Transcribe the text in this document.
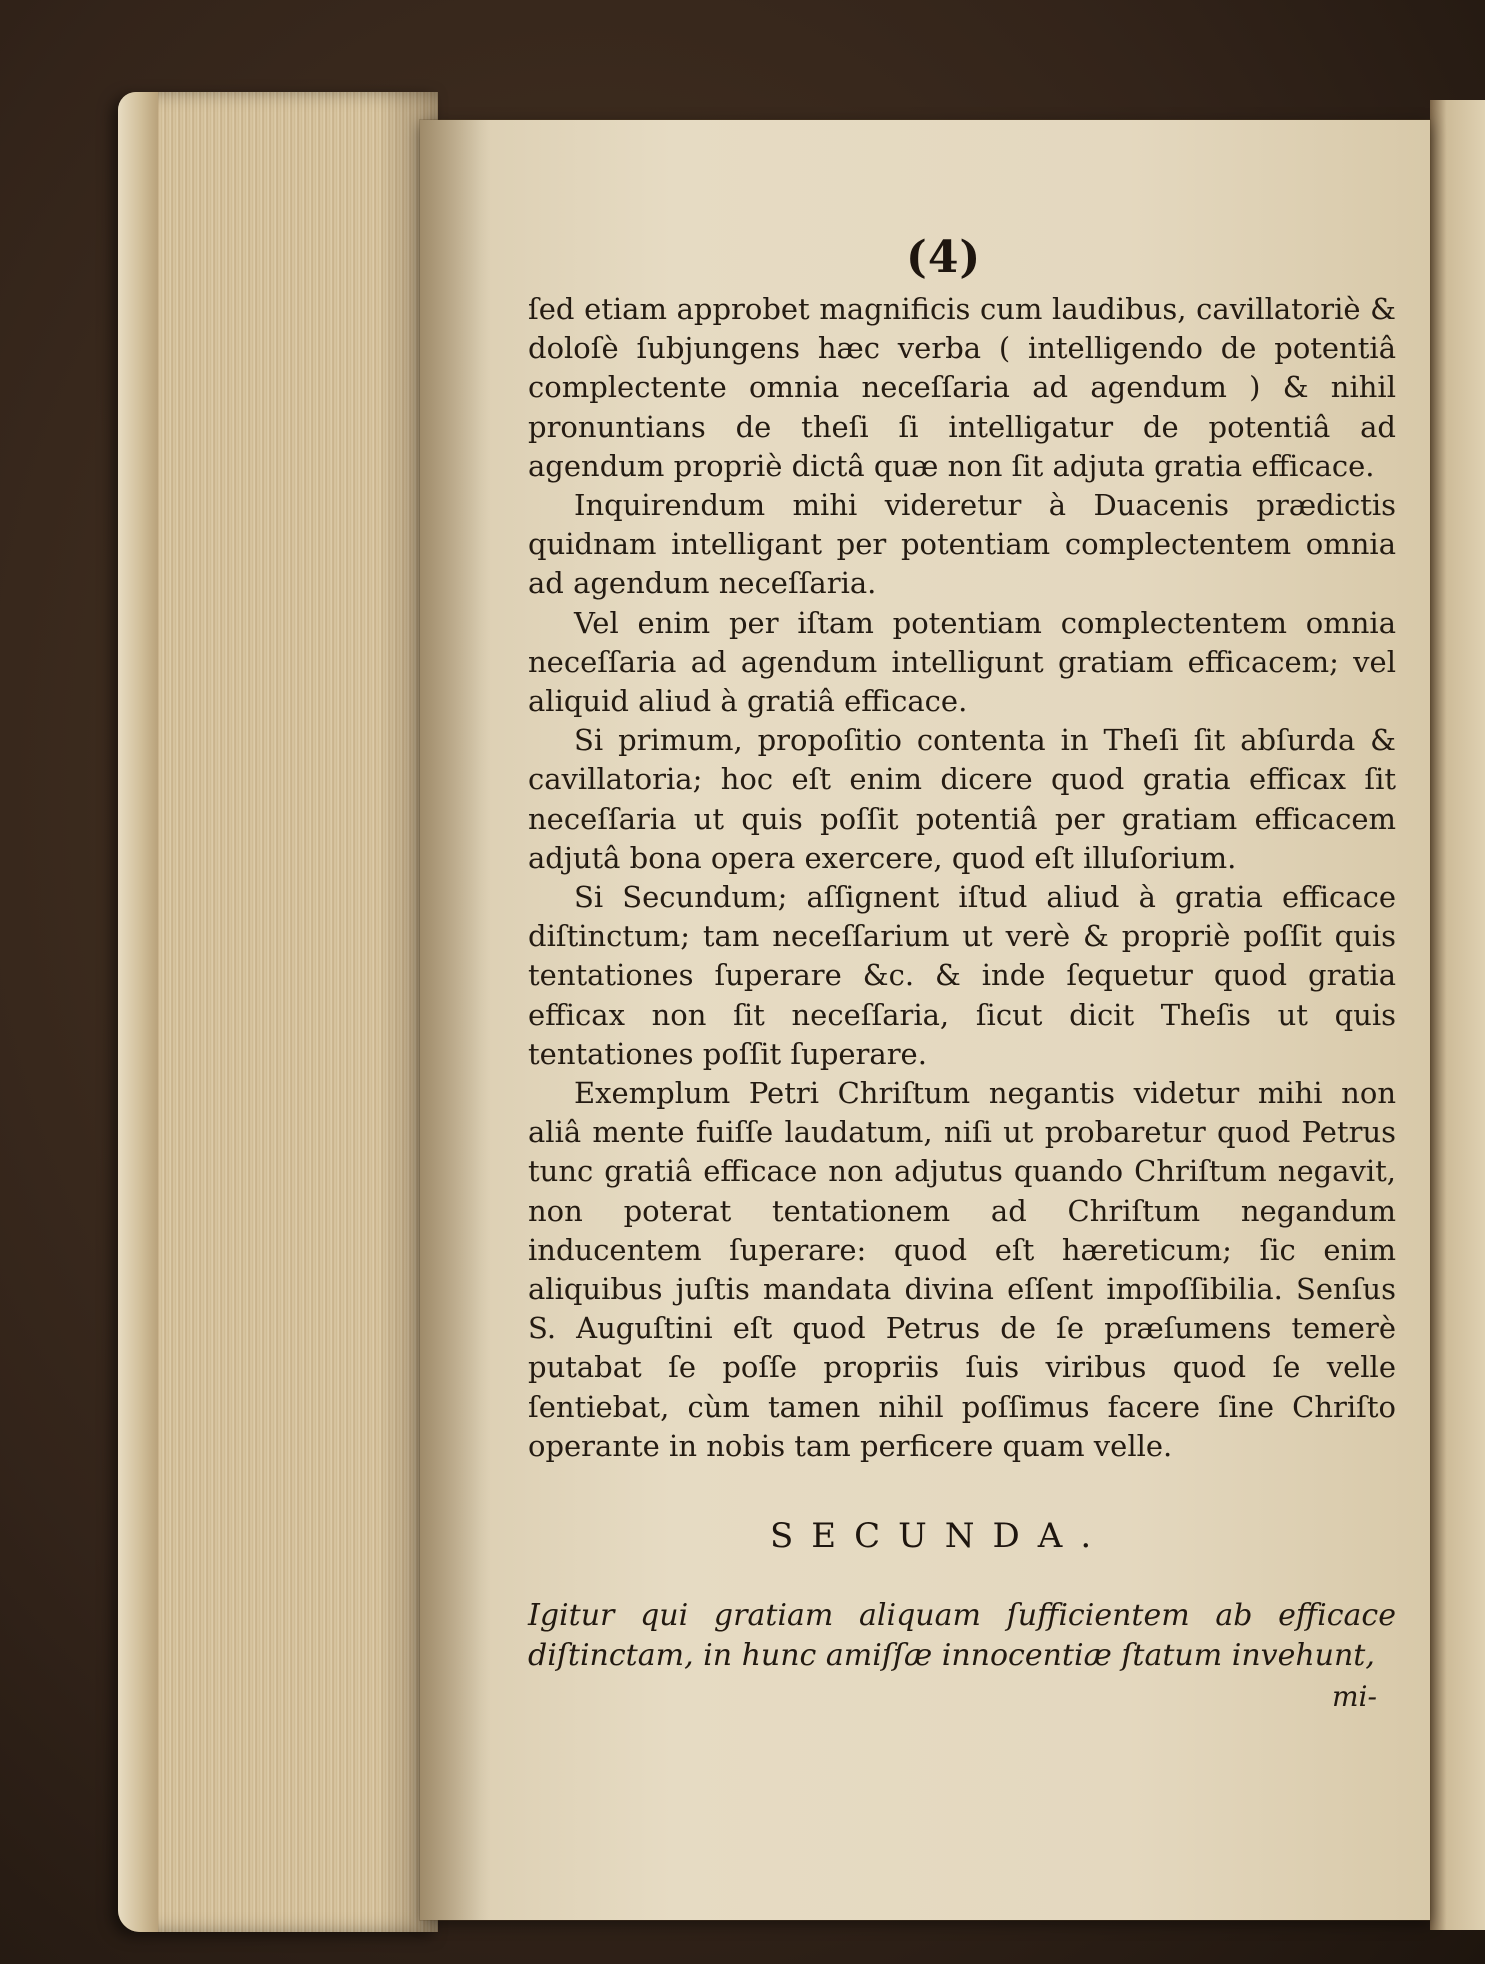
(4)

ſed etiam approbet magnificis cum laudibus, cavillatoriè & doloſè ſubjungens hæc verba ( intelligendo de potentiâ complectente omnia neceſſaria ad agendum ) & nihil pronuntians de theſi ſi intelligatur de potentiâ ad agendum propriè dictâ quæ non ſit adjuta gratia efficace.

Inquirendum mihi videretur à Duacenis prædictis quidnam intelligant per potentiam complectentem omnia ad agendum neceſſaria.

Vel enim per iſtam potentiam complectentem omnia neceſſaria ad agendum intelligunt gratiam efficacem; vel aliquid aliud à gratiâ efficace.

Si primum, propoſitio contenta in Theſi ſit abſurda & cavillatoria; hoc eſt enim dicere quod gratia efficax ſit neceſſaria ut quis poſſit potentiâ per gratiam efficacem adjutâ bona opera exercere, quod eſt illuſorium.

Si Secundum; aſſignent iſtud aliud à gratia efficace diſtinctum; tam neceſſarium ut verè & propriè poſſit quis tentationes ſuperare &c. & inde ſequetur quod gratia efficax non ſit neceſſaria, ſicut dicit Theſis ut quis tentationes poſſit ſuperare.

Exemplum Petri Chriſtum negantis videtur mihi non aliâ mente fuiſſe laudatum, niſi ut probaretur quod Petrus tunc gratiâ efficace non adjutus quando Chriſtum negavit, non poterat tentationem ad Chriſtum negandum inducentem ſuperare: quod eſt hæreticum; ſic enim aliquibus juſtis mandata divina eſſent impoſſibilia. Senſus S. Auguſtini eſt quod Petrus de ſe præſumens temerè putabat ſe poſſe propriis ſuis viribus quod ſe velle ſentiebat, cùm tamen nihil poſſimus facere ſine Chriſto operante in nobis tam perficere quam velle.

SECUNDA.
Igitur qui gratiam aliquam ſufficientem ab efficace diſtinctam, in hunc amiſſæ innocentiæ ſtatum invehunt,
mi-
